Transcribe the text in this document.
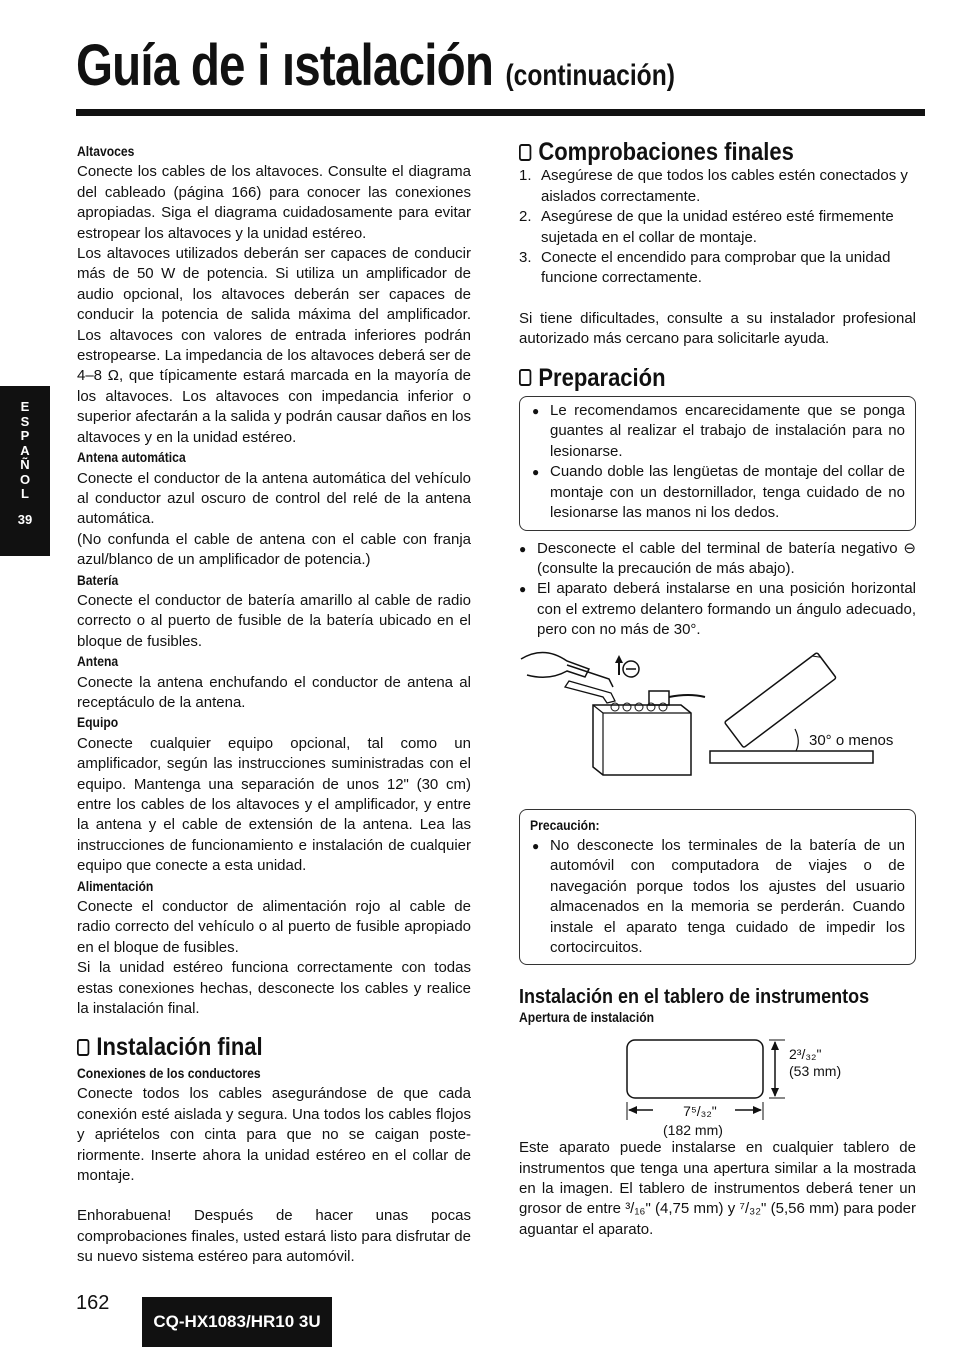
Guía de i ıstalación (continuación)
E
S
P
A
Ñ
O
L
39
Altavoces

Conecte los cables de los altavoces. Consulte el diagrama del cableado (página 166) para conocer las conexiones apropiadas. Siga el diagrama cuidadosamente para evitar estropear los altavoces y la unidad estéreo.

Los altavoces utilizados deberán ser capaces de conducir más de 50 W de potencia. Si utiliza un amplificador de audio opcional, los altavoces deberán ser capaces de conducir la potencia de salida máxima del amplificador. Los altavoces con valores de entrada inferiores podrán estropearse. La impedancia de los altavoces deberá ser de 4–8 Ω, que típicamente estará marcada en la mayoría de los altavoces. Los altavoces con impedancia inferior o superior afectarán a la salida y podrán causar daños en los altavoces y en la unidad estéreo.

Antena automática

Conecte el conductor de la antena automática del vehículo al conductor azul oscuro de control del relé de la antena automática.

(No confunda el cable de antena con el cable con franja azul/blanco de un amplificador de potencia.)

Batería

Conecte el conductor de batería amarillo al cable de radio correcto o al puerto de fusible de la batería ubicado en el bloque de fusibles.

Antena

Conecte la antena enchufando el conductor de antena al receptáculo de la antena.

Equipo

Conecte cualquier equipo opcional, tal como un amplificador, según las instrucciones suministradas con el equipo. Mantenga una separación de unos 12" (30 cm) entre los cables de los altavoces y el amplificador, y entre la antena y el cable de extensión de la antena. Lea las instrucciones de funcionamiento e instalación de cualquier equipo que conecte a esta unidad.

Alimentación

Conecte el conductor de alimentación rojo al cable de radio correcto del vehículo o al puerto de fusible apropiado en el bloque de fusibles.

Si la unidad estéreo funciona correctamente con todas estas conexiones hechas, desconecte los cables y realice la instalación final.

Instalación final
Conexiones de los conductores

Conecte todos los cables asegurándose de que cada conexión esté aislada y segura. Una todos los cables flojos y apriételos con cinta para que no se caigan poste-riormente. Inserte ahora la unidad estéreo en el collar de montaje.

Enhorabuena! Después de hacer unas pocas comprobaciones finales, usted estará listo para disfrutar de su nuevo sistema estéreo para automóvil.

Comprobaciones finales
1. Asegúrese de que todos los cables estén conectados y aislados correctamente.
2. Asegúrese de que la unidad estéreo esté firmemente sujetada en el collar de montaje.
3. Conecte el encendido para comprobar que la unidad funcione correctamente.

Si tiene dificultades, consulte a su instalador profesional autorizado más cercano para solicitarle ayuda.

Preparación
● Le recomendamos encarecidamente que se ponga guantes al realizar el trabajo de instalación para no lesionarse.
● Cuando doble las lengüetas de montaje del collar de montaje con un destornillador, tenga cuidado de no lesionarse las manos ni los dedos.
● Desconecte el cable del terminal de batería negativo ⊖ (consulte la precaución de más abajo).
● El aparato deberá instalarse en una posición horizontal con el extremo delantero formando un ángulo adecuado, pero con no más de 30°.
30° o menos
Precaución:
● No desconecte los terminales de la batería de un automóvil con computadora de viajes o de navegación porque todos los ajustes del usuario almacenados en la memoria se perderán. Cuando instale el aparato tenga cuidado de impedir los cortocircuitos.
Instalación en el tablero de instrumentos
Apertura de instalación
2³/₃₂"
(53 mm)
7⁵/₃₂"
(182 mm)

Este aparato puede instalarse en cualquier tablero de instrumentos que tenga una apertura similar a la mostrada en la imagen. El tablero de instrumentos deberá tener un grosor de entre ³/₁₆" (4,75 mm) y ⁷/₃₂" (5,56 mm) para poder aguantar el aparato.

162
CQ-HX1083/HR10 3U
